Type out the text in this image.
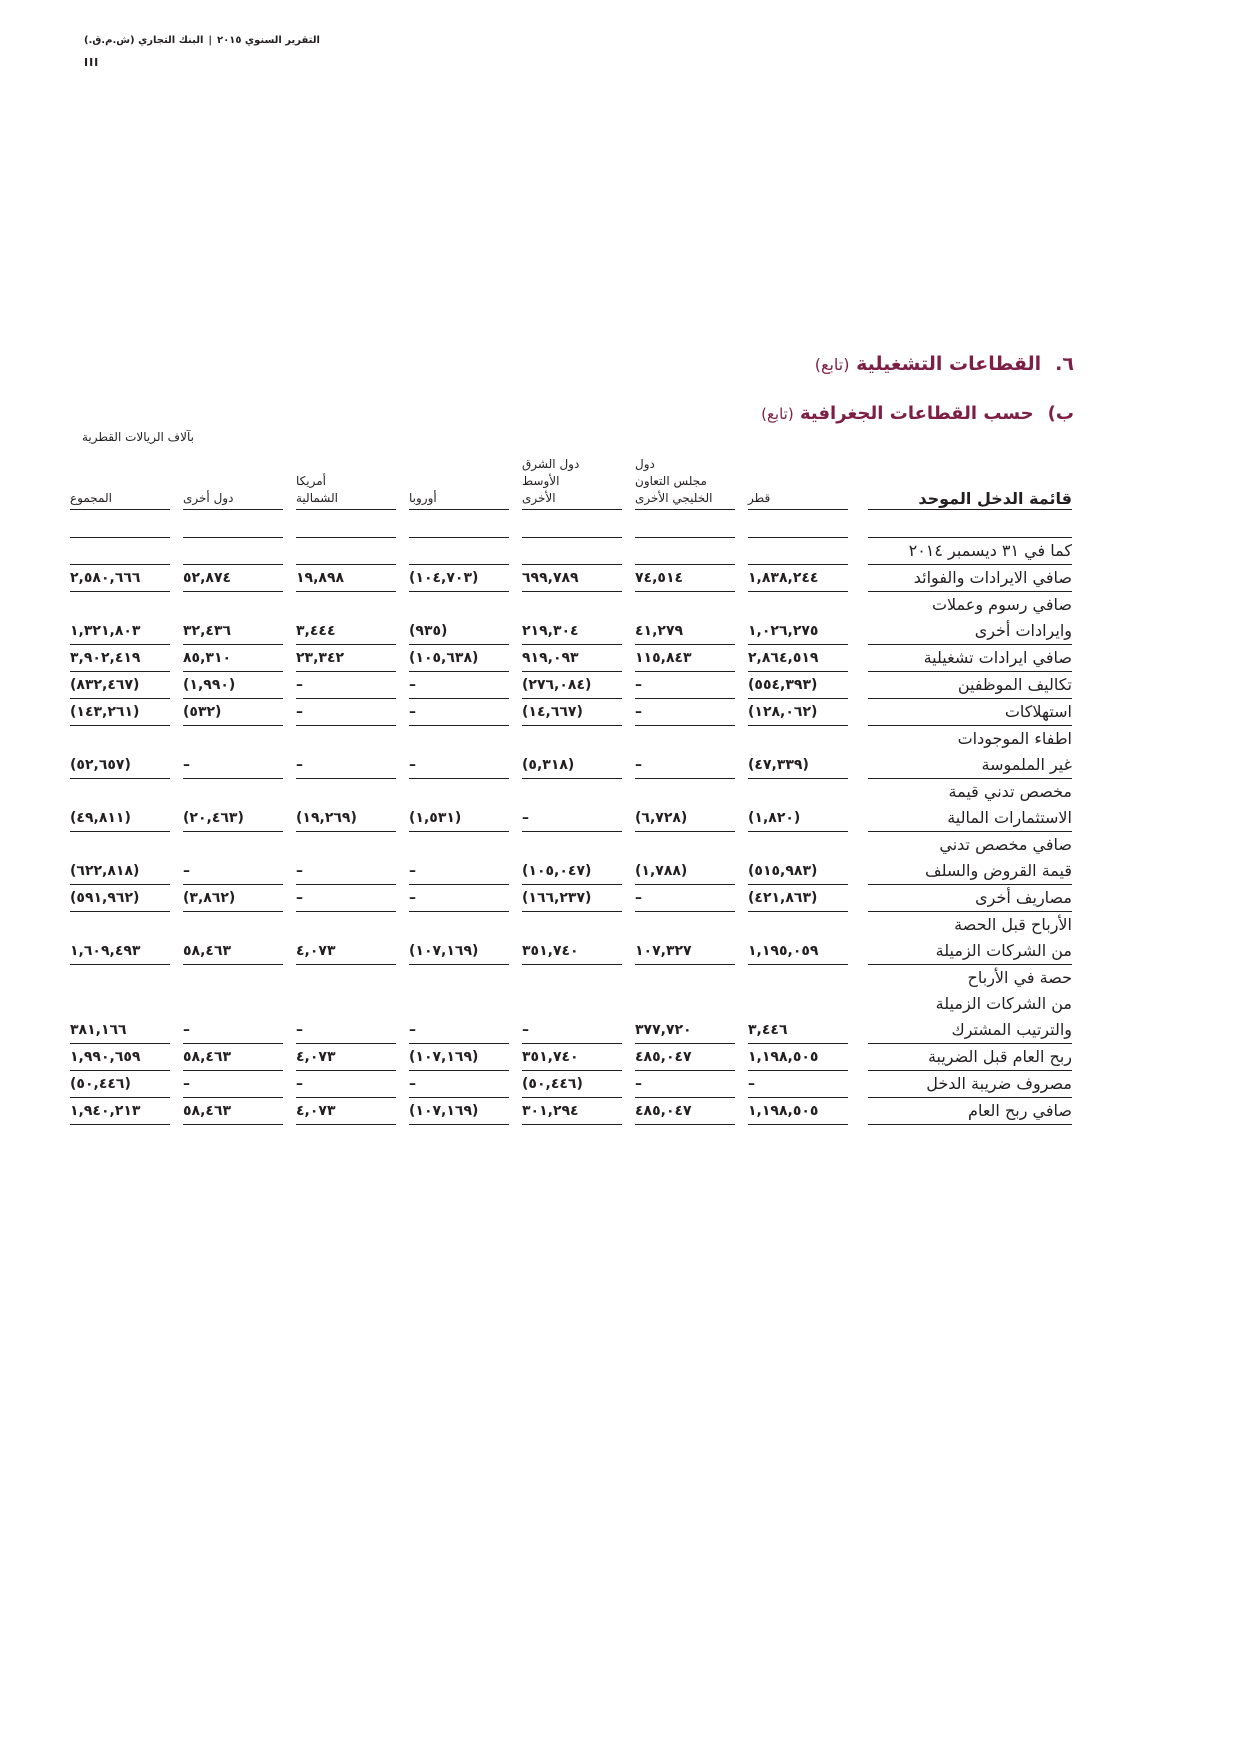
التقرير السنوي ٢٠١٥|البنك التجاري (ش.م.ق.)
III
٦.القطاعات التشغيلية (تابع)
ب)حسب القطاعات الجغرافية (تابع)
بآلاف الريالات القطرية
قائمة الدخل الموحد
قطر
دول
مجلس التعاون
الخليجي الأخرى
دول الشرق
الأوسط
الأخرى
أوروبا
أمريكا
الشمالية
دول أخرى
المجموع
كما في ٣١ ديسمبر ٢٠١٤
صافي الايرادات والفوائد
١,٨٣٨,٢٤٤
٧٤,٥١٤
٦٩٩,٧٨٩
(١٠٤,٧٠٣)
١٩,٨٩٨
٥٢,٨٧٤
٢,٥٨٠,٦٦٦
صافي رسوم وعملات
وايرادات أخرى
١,٠٢٦,٢٧٥
٤١,٢٧٩
٢١٩,٣٠٤
(٩٣٥)
٣,٤٤٤
٣٢,٤٣٦
١,٣٢١,٨٠٣
صافي ايرادات تشغيلية
٢,٨٦٤,٥١٩
١١٥,٨٤٣
٩١٩,٠٩٣
(١٠٥,٦٣٨)
٢٣,٣٤٢
٨٥,٣١٠
٣,٩٠٢,٤١٩
تكاليف الموظفين
(٥٥٤,٣٩٣)
–
(٢٧٦,٠٨٤)
–
–
(١,٩٩٠)
(٨٣٢,٤٦٧)
استهلاكات
(١٢٨,٠٦٢)
–
(١٤,٦٦٧)
–
–
(٥٣٢)
(١٤٣,٢٦١)
اطفاء الموجودات
غير الملموسة
(٤٧,٣٣٩)
–
(٥,٣١٨)
–
–
–
(٥٢,٦٥٧)
مخصص تدني قيمة
الاستثمارات المالية
(١,٨٢٠)
(٦,٧٢٨)
–
(١,٥٣١)
(١٩,٢٦٩)
(٢٠,٤٦٣)
(٤٩,٨١١)
صافي مخصص تدني
قيمة القروض والسلف
(٥١٥,٩٨٣)
(١,٧٨٨)
(١٠٥,٠٤٧)
–
–
–
(٦٢٢,٨١٨)
مصاريف أخرى
(٤٢١,٨٦٣)
–
(١٦٦,٢٣٧)
–
–
(٣,٨٦٢)
(٥٩١,٩٦٢)
الأرباح قبل الحصة
من الشركات الزميلة
١,١٩٥,٠٥٩
١٠٧,٣٢٧
٣٥١,٧٤٠
(١٠٧,١٦٩)
٤,٠٧٣
٥٨,٤٦٣
١,٦٠٩,٤٩٣
حصة في الأرباح
من الشركات الزميلة
والترتيب المشترك
٣,٤٤٦
٣٧٧,٧٢٠
–
–
–
–
٣٨١,١٦٦
ربح العام قبل الضريبة
١,١٩٨,٥٠٥
٤٨٥,٠٤٧
٣٥١,٧٤٠
(١٠٧,١٦٩)
٤,٠٧٣
٥٨,٤٦٣
١,٩٩٠,٦٥٩
مصروف ضريبة الدخل
–
–
(٥٠,٤٤٦)
–
–
–
(٥٠,٤٤٦)
صافي ربح العام
١,١٩٨,٥٠٥
٤٨٥,٠٤٧
٣٠١,٢٩٤
(١٠٧,١٦٩)
٤,٠٧٣
٥٨,٤٦٣
١,٩٤٠,٢١٣
